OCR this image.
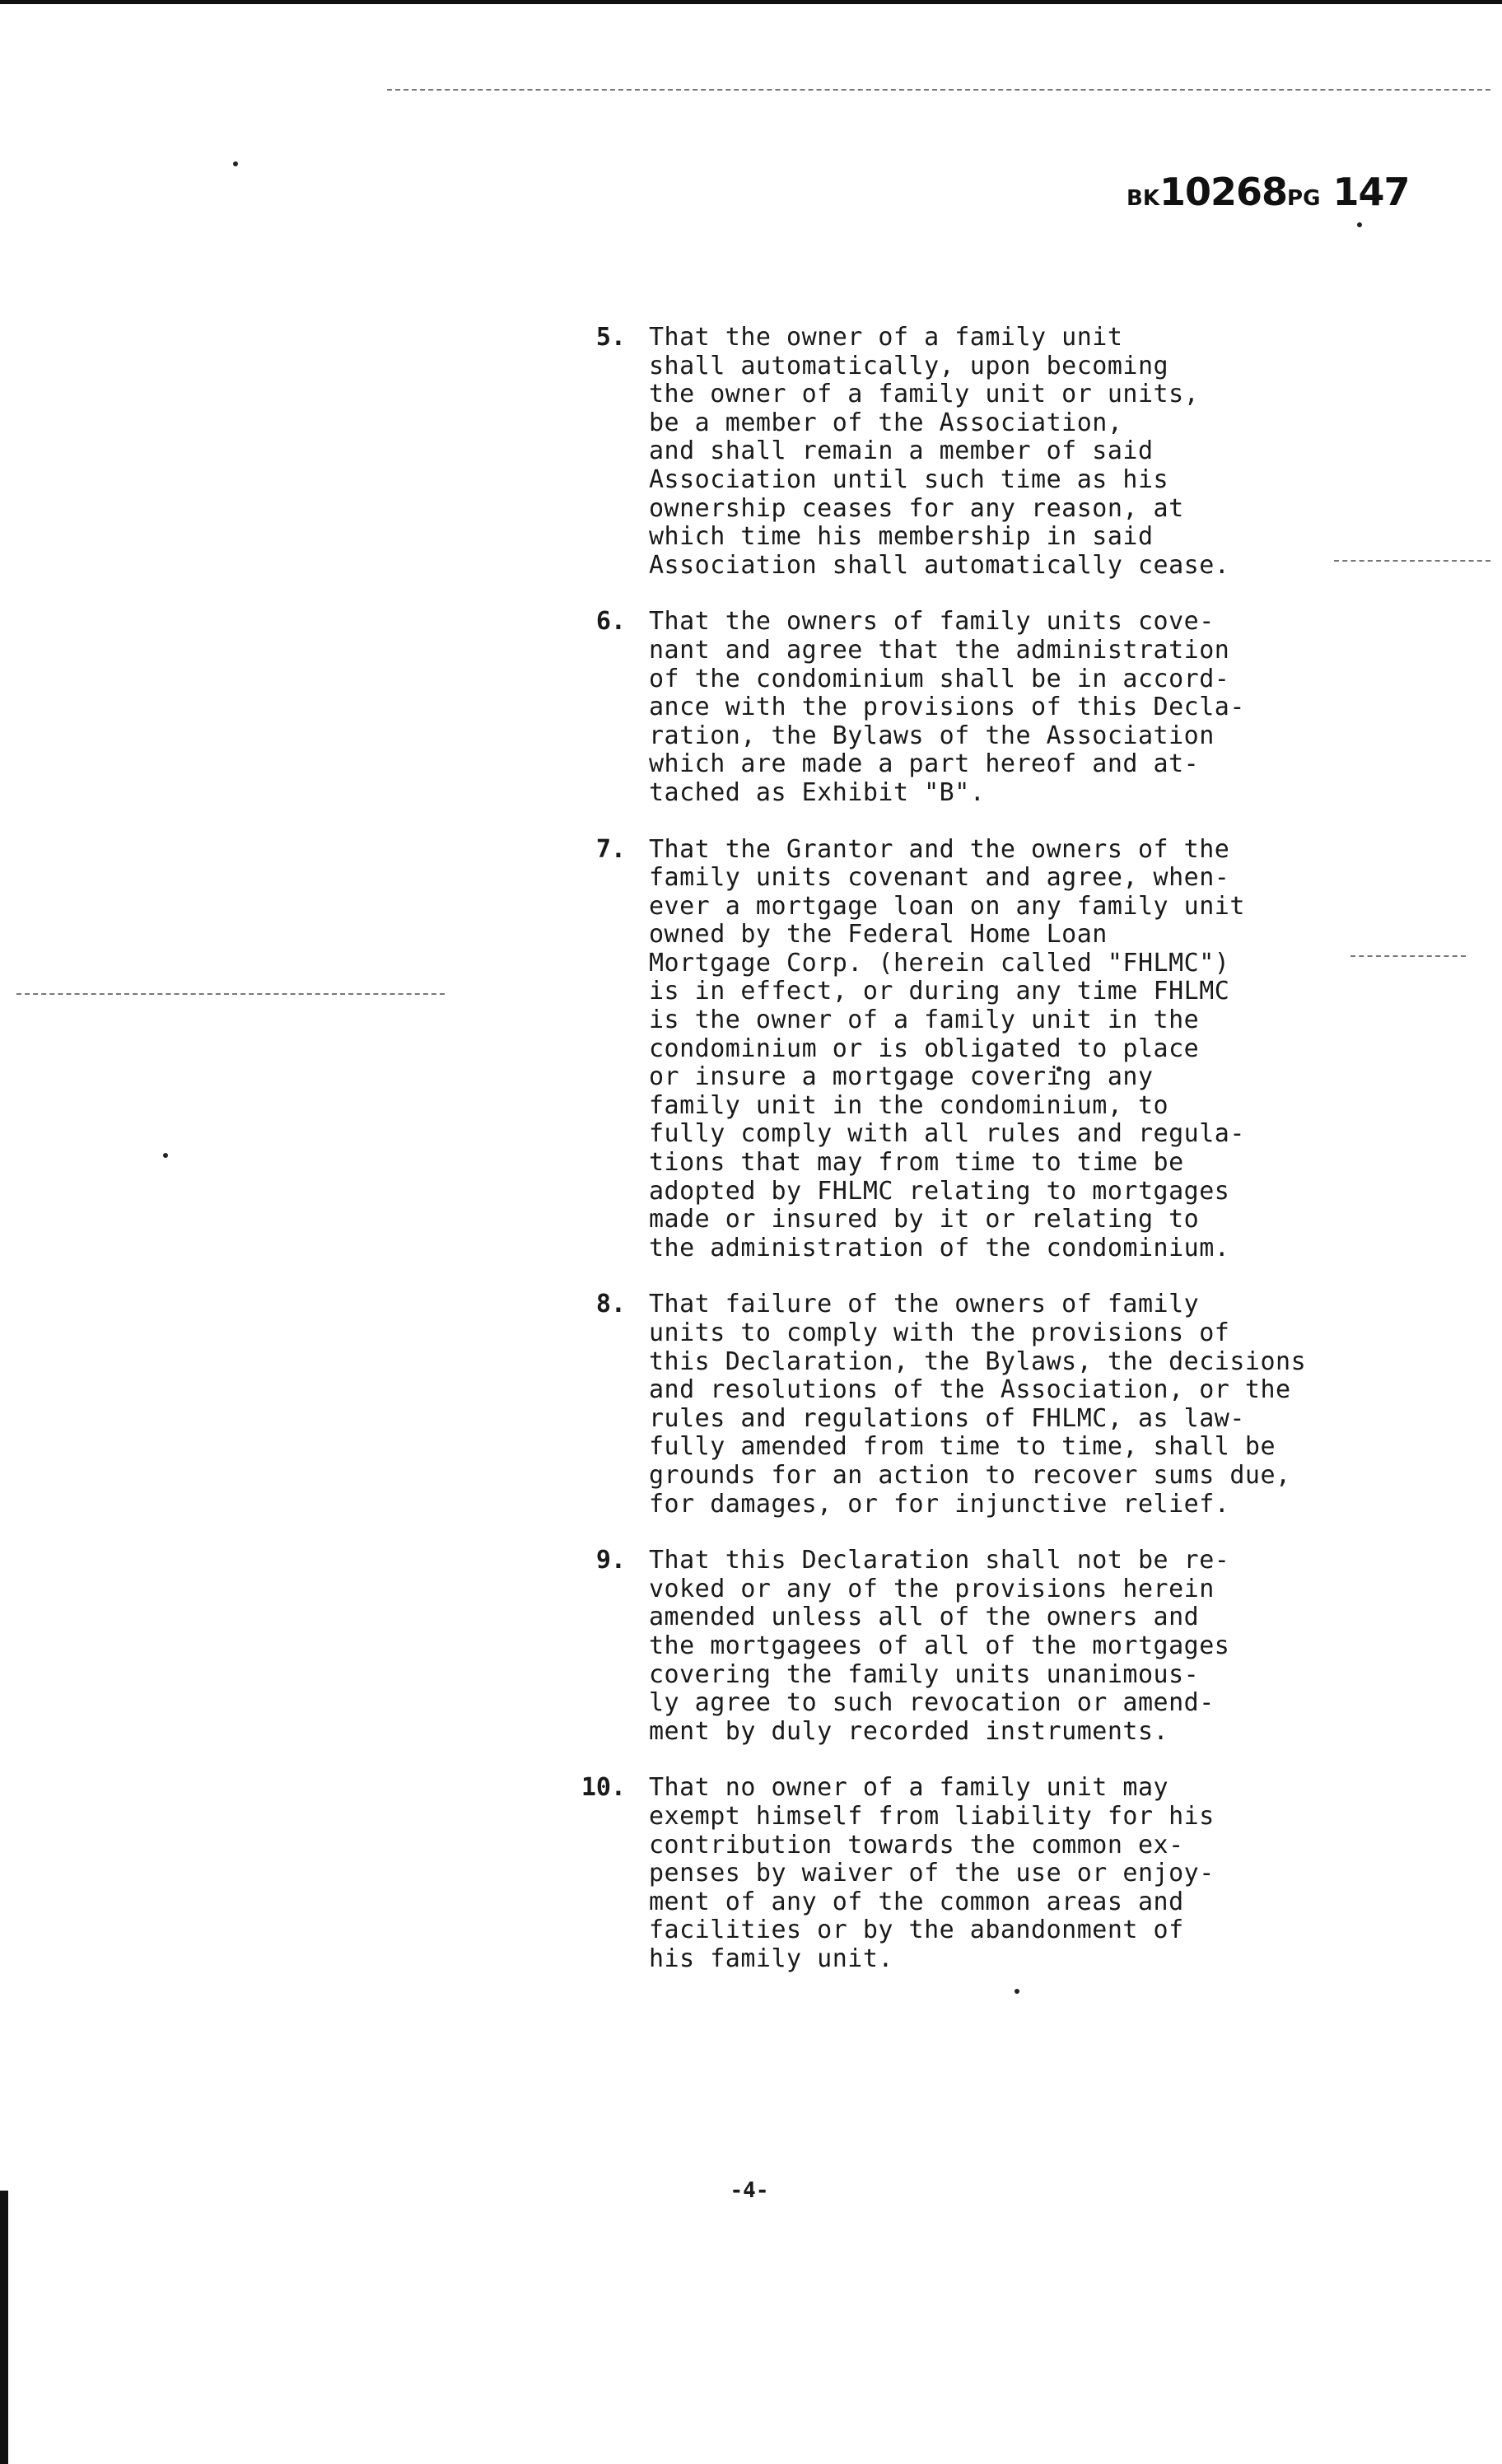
BK10268PG 147
5. That the owner of a family unit
shall automatically, upon becoming
the owner of a family unit or units,
be a member of the Association,
and shall remain a member of said
Association until such time as his
ownership ceases for any reason, at
which time his membership in said
Association shall automatically cease.
6. That the owners of family units cove-
nant and agree that the administration
of the condominium shall be in accord-
ance with the provisions of this Decla-
ration, the Bylaws of the Association
which are made a part hereof and at-
tached as Exhibit "B".
7. That the Grantor and the owners of the
family units covenant and agree, when-
ever a mortgage loan on any family unit
owned by the Federal Home Loan
Mortgage Corp. (herein called "FHLMC")
is in effect, or during any time FHLMC
is the owner of a family unit in the
condominium or is obligated to place
or insure a mortgage covering any
family unit in the condominium, to
fully comply with all rules and regula-
tions that may from time to time be
adopted by FHLMC relating to mortgages
made or insured by it or relating to
the administration of the condominium.
8. That failure of the owners of family
units to comply with the provisions of
this Declaration, the Bylaws, the decisions
and resolutions of the Association, or the
rules and regulations of FHLMC, as law-
fully amended from time to time, shall be
grounds for an action to recover sums due,
for damages, or for injunctive relief.
9. That this Declaration shall not be re-
voked or any of the provisions herein
amended unless all of the owners and
the mortgagees of all of the mortgages
covering the family units unanimous-
ly agree to such revocation or amend-
ment by duly recorded instruments.
10. That no owner of a family unit may
exempt himself from liability for his
contribution towards the common ex-
penses by waiver of the use or enjoy-
ment of any of the common areas and
facilities or by the abandonment of
his family unit.
-4-
